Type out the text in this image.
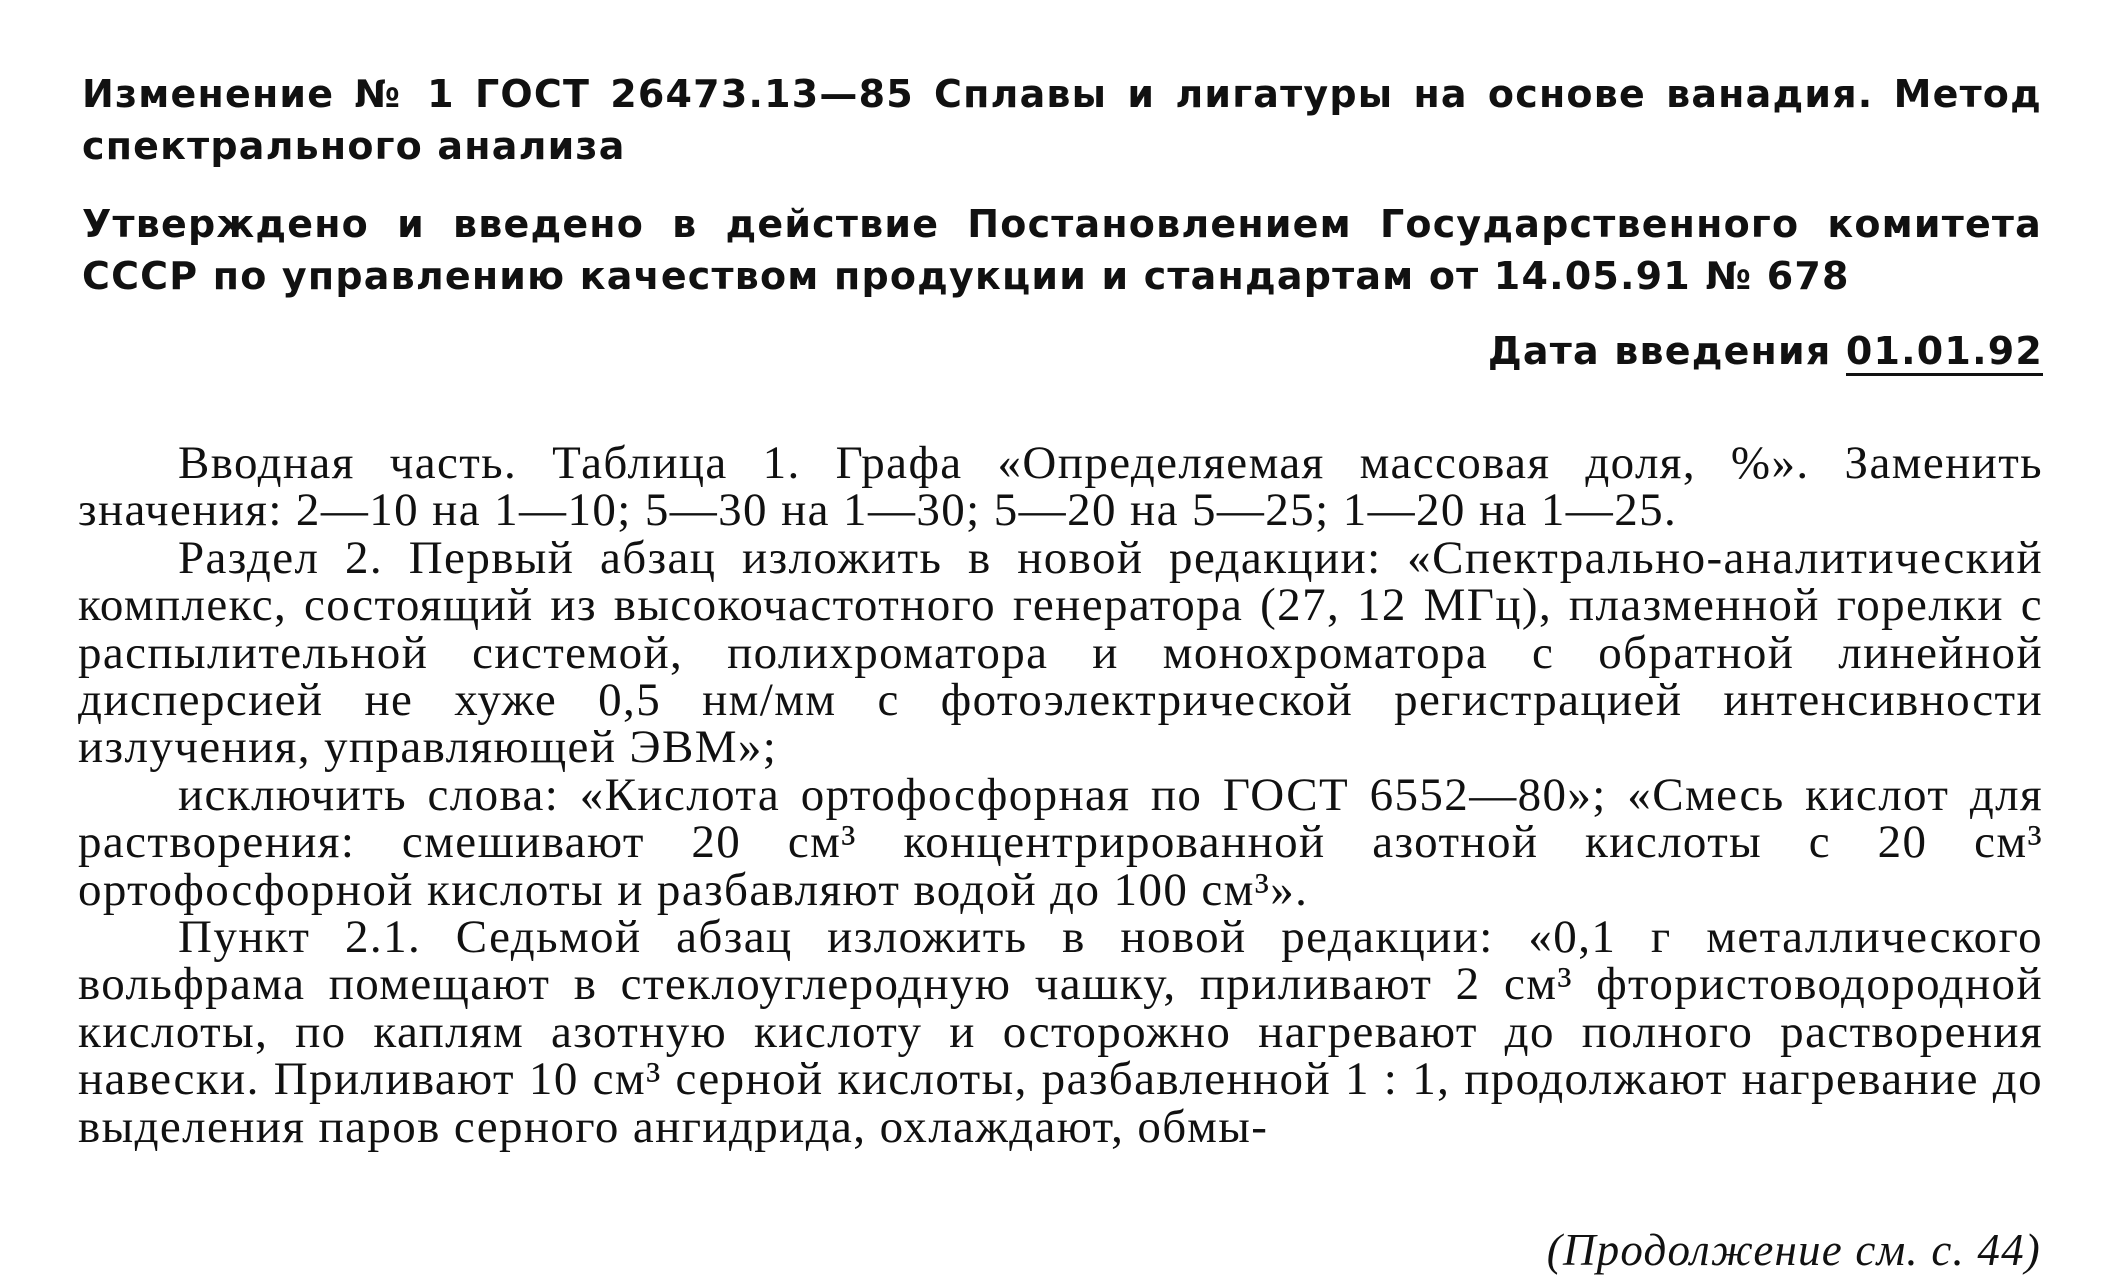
Изменение № 1 ГОСТ 26473.13—85 Сплавы и лигатуры на основе ванадия. Метод спектрального анализа
Утверждено и введено в действие Постановлением Государственного комитета СССР по управлению качеством продукции и стандартам от 14.05.91 № 678
Дата введения 01.01.92

Вводная часть. Таблица 1. Графа «Определяемая массовая доля, %». Заменить значения: 2—10 на 1—10; 5—30 на 1—30; 5—20 на 5—25; 1—20 на 1—25.

Раздел 2. Первый абзац изложить в новой редакции: «Спектрально-аналитический комплекс, состоящий из высокочастотного генератора (27, 12 МГц), плазменной горелки с распылительной системой, полихроматора и монохроматора с обратной линейной дисперсией не хуже 0,5 нм/мм с фотоэлектрической регистрацией интенсивности излучения, управляющей ЭВМ»;

исключить слова: «Кислота ортофосфорная по ГОСТ 6552—80»; «Смесь кислот для растворения: смешивают 20 см³ концентрированной азотной кислоты с 20 см³ ортофосфорной кислоты и разбавляют водой до 100 см³».

Пункт 2.1. Седьмой абзац изложить в новой редакции: «0,1 г металлического вольфрама помещают в стеклоуглеродную чашку, приливают 2 см³ фтористоводородной кислоты, по каплям азотную кислоту и осторожно нагревают до полного растворения навески. Приливают 10 см³ серной кислоты, разбавленной 1 : 1, продолжают нагревание до выделения паров серного ангидрида, охлаждают, обмы-

(Продолжение см. с. 44)
